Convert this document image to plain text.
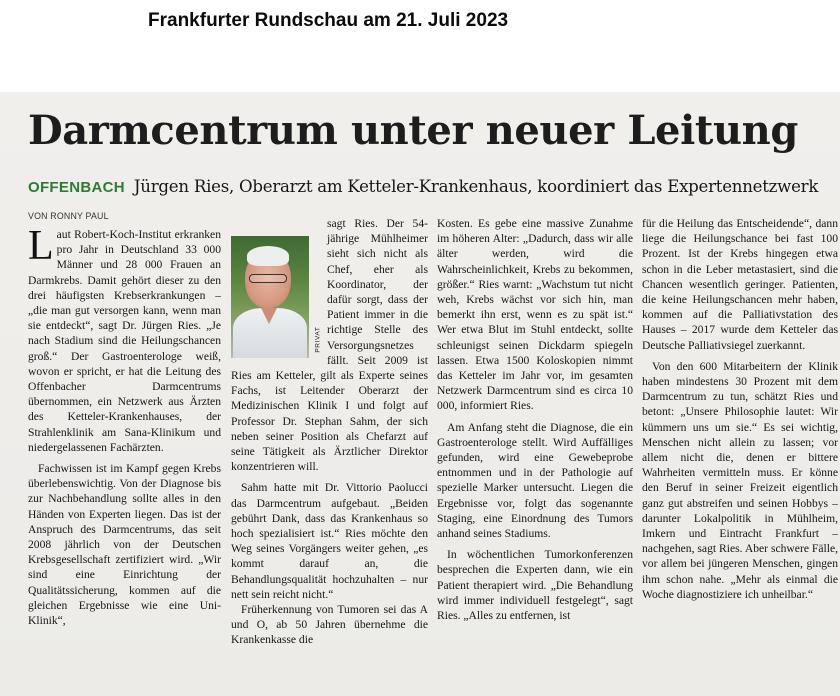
Frankfurter Rundschau am 21. Juli 2023
Darmcentrum unter neuer Leitung
OFFENBACH Jürgen Ries, Oberarzt am Ketteler-Krankenhaus, koordiniert das Expertennetzwerk
VON RONNY PAUL

Laut Robert-Koch-Institut erkranken pro Jahr in Deutschland 33 000 Männer und 28 000 Frauen an Darmkrebs. Damit gehört dieser zu den drei häufigsten Krebserkrankungen – „die man gut versorgen kann, wenn man sie entdeckt“, sagt Dr. Jürgen Ries. „Je nach Stadium sind die Heilungschancen groß.“ Der Gastroenterologe weiß, wovon er spricht, er hat die Leitung des Offenbacher Darmcentrums übernommen, ein Netzwerk aus Ärzten des Ketteler-Krankenhauses, der Strahlenklinik am Sana-Klinikum und niedergelassenen Fachärzten.

Fachwissen ist im Kampf gegen Krebs überlebenswichtig. Von der Diagnose bis zur Nachbehandlung sollte alles in den Händen von Experten liegen. Das ist der Anspruch des Darmcentrums, das seit 2008 jährlich von der Deutschen Krebsgesellschaft zertifiziert wird. „Wir sind eine Einrichtung der Qualitätssicherung, kommen auf die gleichen Ergebnisse wie eine Uni-Klinik“,

PRIVAT

sagt Ries. Der 54-jährige Mühlheimer sieht sich nicht als Chef, eher als Koordinator, der dafür sorgt, dass der Patient immer in die richtige Stelle des Versorgungsnetzes fällt. Seit 2009 ist Ries am Ketteler, gilt als Experte seines Fachs, ist Leitender Oberarzt der Medizinischen Klinik I und folgt auf Professor Dr. Stephan Sahm, der sich neben seiner Position als Chefarzt auf seine Tätigkeit als Ärztlicher Direktor konzentrieren will.

Sahm hatte mit Dr. Vittorio Paolucci das Darmcentrum aufgebaut. „Beiden gebührt Dank, dass das Krankenhaus so hoch spezialisiert ist.“ Ries möchte den Weg seines Vorgängers weiter gehen, „es kommt darauf an, die Behandlungsqualität hochzuhalten – nur nett sein reicht nicht.“

Früherkennung von Tumoren sei das A und O, ab 50 Jahren übernehme die Krankenkasse die

Kosten. Es gebe eine massive Zunahme im höheren Alter: „Dadurch, dass wir alle älter werden, wird die Wahrscheinlichkeit, Krebs zu bekommen, größer.“ Ries warnt: „Wachstum tut nicht weh, Krebs wächst vor sich hin, man bemerkt ihn erst, wenn es zu spät ist.“ Wer etwa Blut im Stuhl entdeckt, sollte schleunigst seinen Dickdarm spiegeln lassen. Etwa 1500 Koloskopien nimmt das Ketteler im Jahr vor, im gesamten Netzwerk Darmcentrum sind es circa 10 000, informiert Ries.

Am Anfang steht die Diagnose, die ein Gastroenterologe stellt. Wird Auffälliges gefunden, wird eine Gewebeprobe entnommen und in der Pathologie auf spezielle Marker untersucht. Liegen die Ergebnisse vor, folgt das sogenannte Staging, eine Einordnung des Tumors anhand seines Stadiums.

In wöchentlichen Tumorkonferenzen besprechen die Experten dann, wie ein Patient therapiert wird. „Die Behandlung wird immer individuell festgelegt“, sagt Ries. „Alles zu entfernen, ist

für die Heilung das Entscheidende“, dann liege die Heilungschance bei fast 100 Prozent. Ist der Krebs hingegen etwa schon in die Leber metastasiert, sind die Chancen wesentlich geringer. Patienten, die keine Heilungschancen mehr haben, kommen auf die Palliativstation des Hauses – 2017 wurde dem Ketteler das Deutsche Palliativsiegel zuerkannt.

Von den 600 Mitarbeitern der Klinik haben mindestens 30 Prozent mit dem Darmcentrum zu tun, schätzt Ries und betont: „Unsere Philosophie lautet: Wir kümmern uns um sie.“ Es sei wichtig, Menschen nicht allein zu lassen; vor allem nicht die, denen er bittere Wahrheiten vermitteln muss. Er könne den Beruf in seiner Freizeit eigentlich ganz gut abstreifen und seinen Hobbys – darunter Lokalpolitik in Mühlheim, Imkern und Eintracht Frankfurt – nachgehen, sagt Ries. Aber schwere Fälle, vor allem bei jüngeren Menschen, gingen ihm schon nahe. „Mehr als einmal die Woche diagnostiziere ich unheilbar.“
